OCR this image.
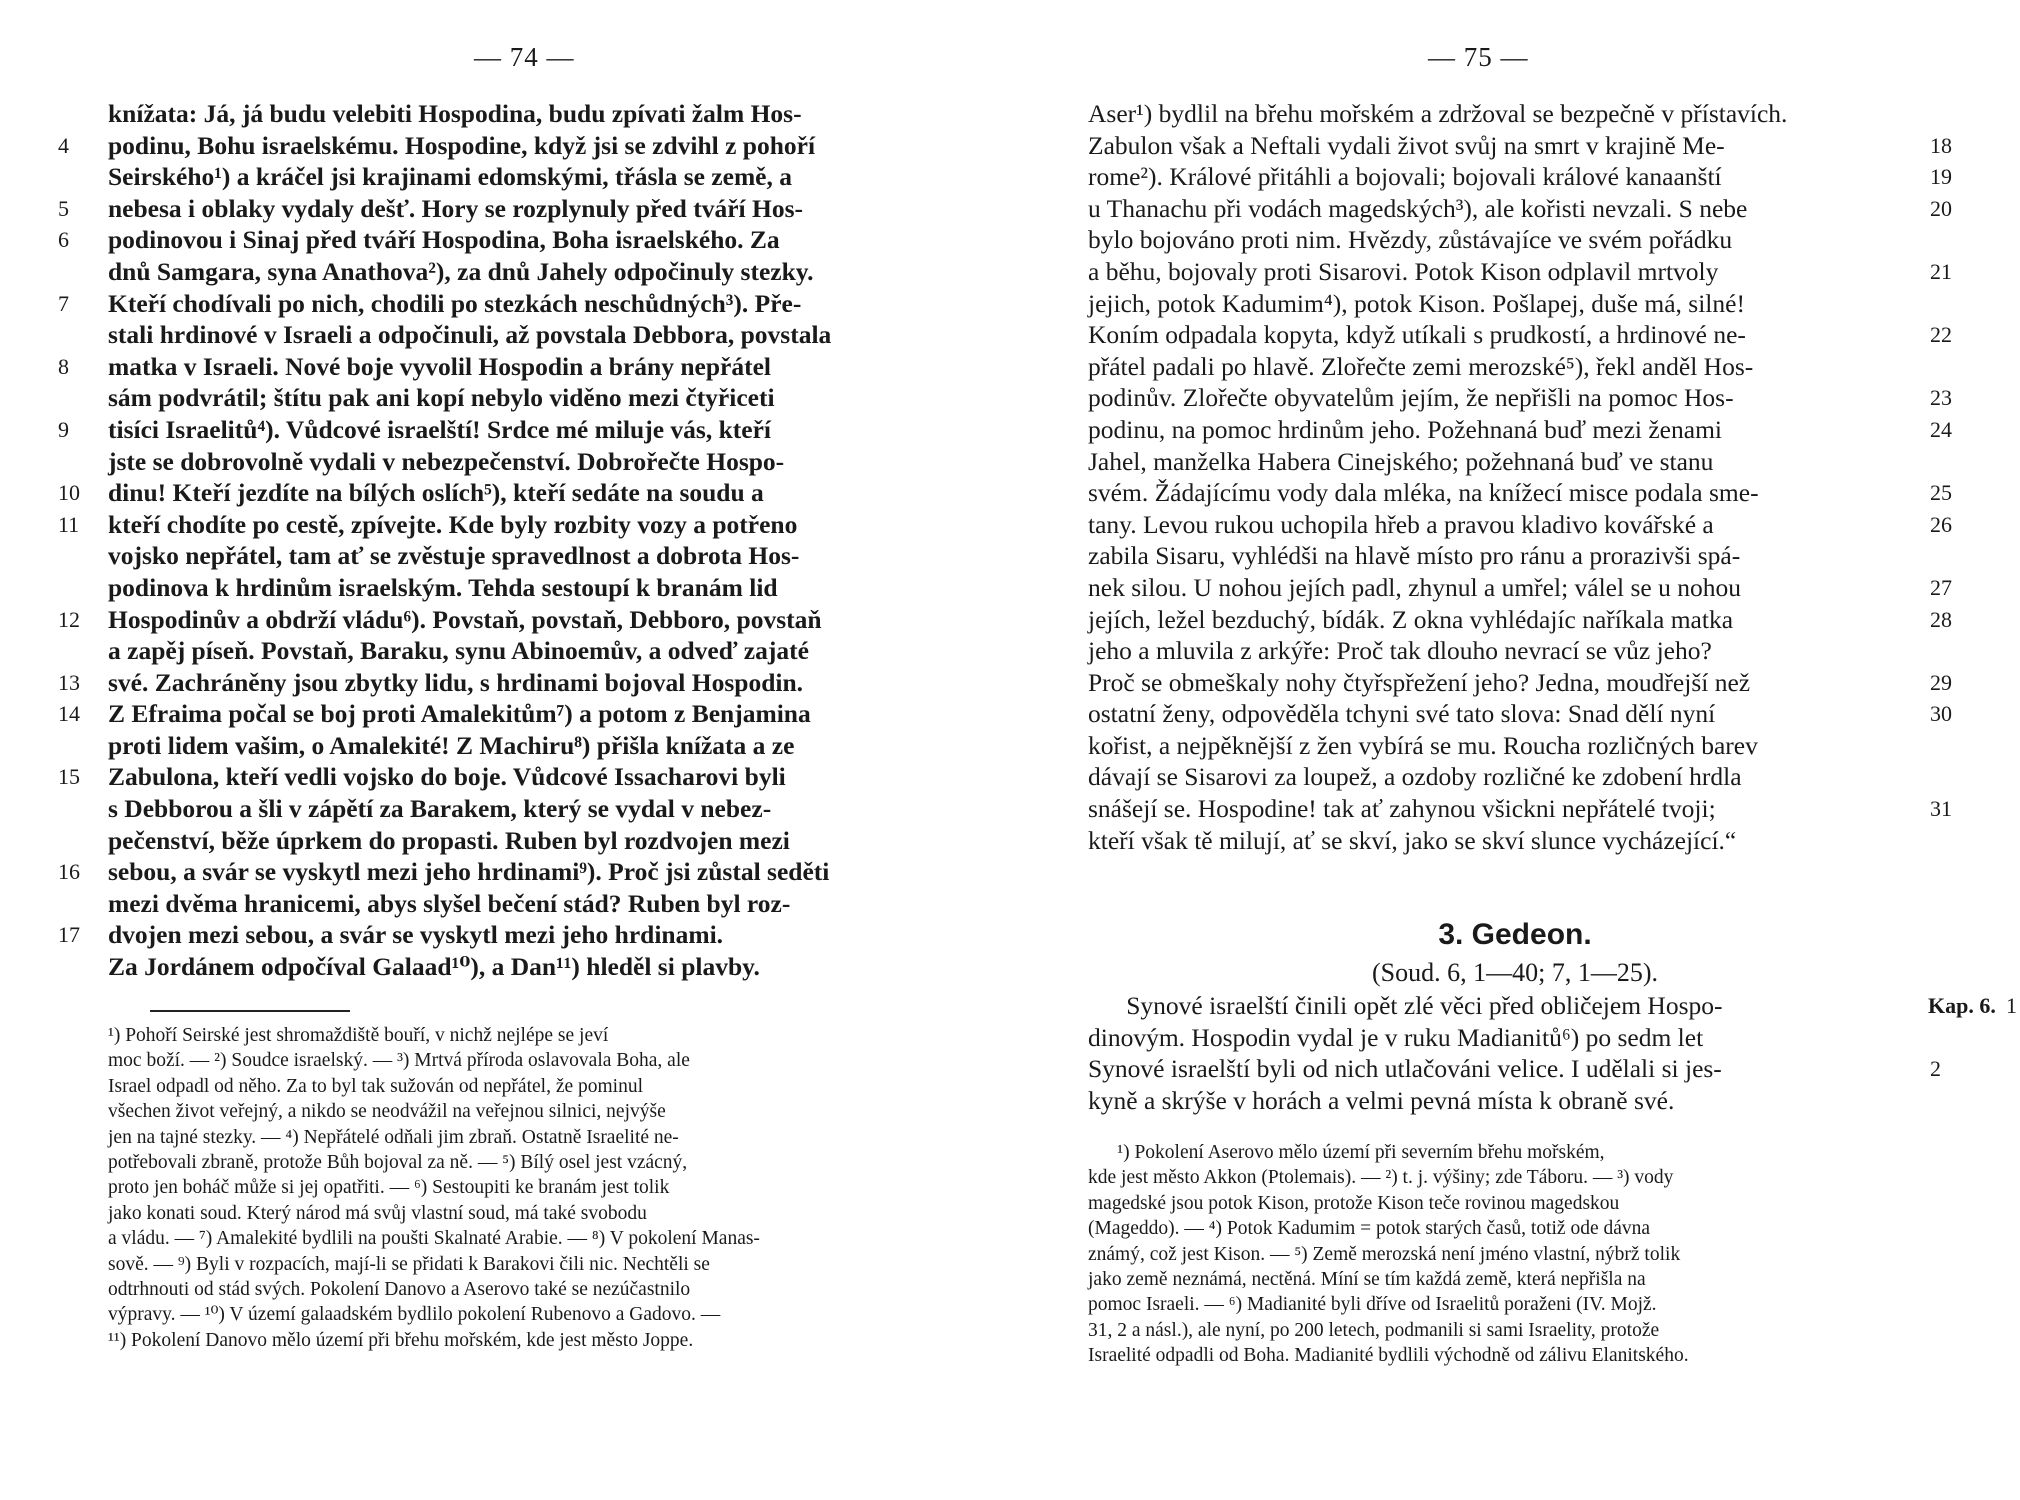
— 74 —
knížata: Já, já budu velebiti Hospodina, budu zpívati žalm Hos-
podinu, Bohu israelskému. Hospodine, když jsi se zdvihl z pohoří
4
Seirského¹) a kráčel jsi krajinami edomskými, třásla se země, a
nebesa i oblaky vydaly dešť. Hory se rozplynuly před tváří Hos-
5
podinovou i Sinaj před tváří Hospodina, Boha israelského. Za
6
dnů Samgara, syna Anathova²), za dnů Jahely odpočinuly stezky.
Kteří chodívali po nich, chodili po stezkách neschůdných³). Pře-
7
stali hrdinové v Israeli a odpočinuli, až povstala Debbora, povstala
matka v Israeli. Nové boje vyvolil Hospodin a brány nepřátel
8
sám podvrátil; štítu pak ani kopí nebylo viděno mezi čtyřiceti
tisíci Israelitů⁴). Vůdcové israelští! Srdce mé miluje vás, kteří
9
jste se dobrovolně vydali v nebezpečenství. Dobrořečte Hospo-
dinu! Kteří jezdíte na bílých oslích⁵), kteří sedáte na soudu a
10
kteří chodíte po cestě, zpívejte. Kde byly rozbity vozy a potřeno
11
vojsko nepřátel, tam ať se zvěstuje spravedlnost a dobrota Hos-
podinova k hrdinům israelským. Tehda sestoupí k branám lid
Hospodinův a obdrží vládu⁶). Povstaň, povstaň, Debboro, povstaň
12
a zapěj píseň. Povstaň, Baraku, synu Abinoemův, a odveď zajaté
své. Zachráněny jsou zbytky lidu, s hrdinami bojoval Hospodin.
13
Z Efraima počal se boj proti Amalekitům⁷) a potom z Benjamina
14
proti lidem vašim, o Amalekité! Z Machiru⁸) přišla knížata a ze
Zabulona, kteří vedli vojsko do boje. Vůdcové Issacharovi byli
15
s Debborou a šli v zápětí za Barakem, který se vydal v nebez-
pečenství, běže úprkem do propasti. Ruben byl rozdvojen mezi
sebou, a svár se vyskytl mezi jeho hrdinami⁹). Proč jsi zůstal seděti
16
mezi dvěma hranicemi, abys slyšel bečení stád? Ruben byl roz-
dvojen mezi sebou, a svár se vyskytl mezi jeho hrdinami.
17
Za Jordánem odpočíval Galaad¹⁰), a Dan¹¹) hleděl si plavby.
¹) Pohoří Seirské jest shromaždiště bouří, v nichž nejlépe se jeví
moc boží. — ²) Soudce israelský. — ³) Mrtvá příroda oslavovala Boha, ale
Israel odpadl od něho. Za to byl tak sužován od nepřátel, že pominul
všechen život veřejný, a nikdo se neodvážil na veřejnou silnici, nejvýše
jen na tajné stezky. — ⁴) Nepřátelé odňali jim zbraň. Ostatně Israelité ne-
potřebovali zbraně, protože Bůh bojoval za ně. — ⁵) Bílý osel jest vzácný,
proto jen boháč může si jej opatřiti. — ⁶) Sestoupiti ke branám jest tolik
jako konati soud. Který národ má svůj vlastní soud, má také svobodu
a vládu. — ⁷) Amalekité bydlili na poušti Skalnaté Arabie. — ⁸) V pokolení Manas-
sově. — ⁹) Byli v rozpacích, mají-li se přidati k Barakovi čili nic. Nechtěli se
odtrhnouti od stád svých. Pokolení Danovo a Aserovo také se nezúčastnilo
výpravy. — ¹⁰) V území galaadském bydlilo pokolení Rubenovo a Gadovo. —
¹¹) Pokolení Danovo mělo území při břehu mořském, kde jest město Joppe.
— 75 —
Aser¹) bydlil na břehu mořském a zdržoval se bezpečně v přístavích.
Zabulon však a Neftali vydali život svůj na smrt v krajině Me-	18
rome²). Králové přitáhli a bojovali; bojovali králové kanaanští	19
u Thanachu při vodách magedských³), ale kořisti nevzali. S nebe	20
bylo bojováno proti nim. Hvězdy, zůstávajíce ve svém pořádku
a běhu, bojovaly proti Sisarovi. Potok Kison odplavil mrtvoly	21
jejich, potok Kadumim⁴), potok Kison. Pošlapej, duše má, silné!
Koním odpadala kopyta, když utíkali s prudkostí, a hrdinové ne-	22
přátel padali po hlavě. Zlořečte zemi merozské⁵), řekl anděl Hos-
podinův. Zlořečte obyvatelům jejím, že nepřišli na pomoc Hos-	23
podinu, na pomoc hrdinům jeho. Požehnaná buď mezi ženami	24
Jahel, manželka Habera Cinejského; požehnaná buď ve stanu
svém. Žádajícímu vody dala mléka, na knížecí misce podala sme-	25
tany. Levou rukou uchopila hřeb a pravou kladivo kovářské a	26
zabila Sisaru, vyhlédši na hlavě místo pro ránu a proraziv​ši spá-
nek silou. U nohou jejích padl, zhynul a umřel; válel se u nohou	27
jejích, ležel bezduchý, bídák. Z okna vyhlédajíc naříkala matka	28
jeho a mluvila z arkýře: Proč tak dlouho nevrací se vůz jeho?
Proč se obmeškaly nohy čtyřspřežení jeho? Jedna, moudřejší než	29
ostatní ženy, odpověděla tchyni své tato slova: Snad dělí nyní	30
kořist, a nejpěknější z žen vybírá se mu. Roucha rozličných barev
dávají se Sisarovi za loupež, a ozdoby rozličné ke zdobení hrdla
snášejí se. Hospodine! tak ať zahynou všickni nepřátelé tvoji;	31
kteří však tě milují, ať se skví, jako se skví slunce vycházející.“
3. Gedeon.
(Soud. 6, 1—40; 7, 1—25).
Synové israelští činili opět zlé věci před obličejem Hospo-
dinovým. Hospodin vydal je v ruku Madianitů⁶) po sedm let
Synové israelští byli od nich utlačováni velice. I udělali si jes-	2
kyně a skrýše v horách a velmi pevná místa k obraně své.
Kap. 6. 1
¹) Pokolení Aserovo mělo území při severním břehu mořském,
kde jest město Akkon (Ptolemais). — ²) t. j. výšiny; zde Táboru. — ³) vody
magedské jsou potok Kison, protože Kison teče rovinou magedskou
(Mageddo). — ⁴) Potok Kadumim = potok starých časů, totiž ode dávna
známý, což jest Kison. — ⁵) Země merozská není jméno vlastní, nýbrž tolik
jako země neznámá, nectěná. Míní se tím každá země, která nepřišla na
pomoc Israeli. — ⁶) Madianité byli dříve od Israelitů poraženi (IV. Mojž.
31, 2 a násl.), ale nyní, po 200 letech, podmanili si sami Israelity, protože
Israelité odpadli od Boha. Madianité bydlili východně od zálivu Elanitského.
